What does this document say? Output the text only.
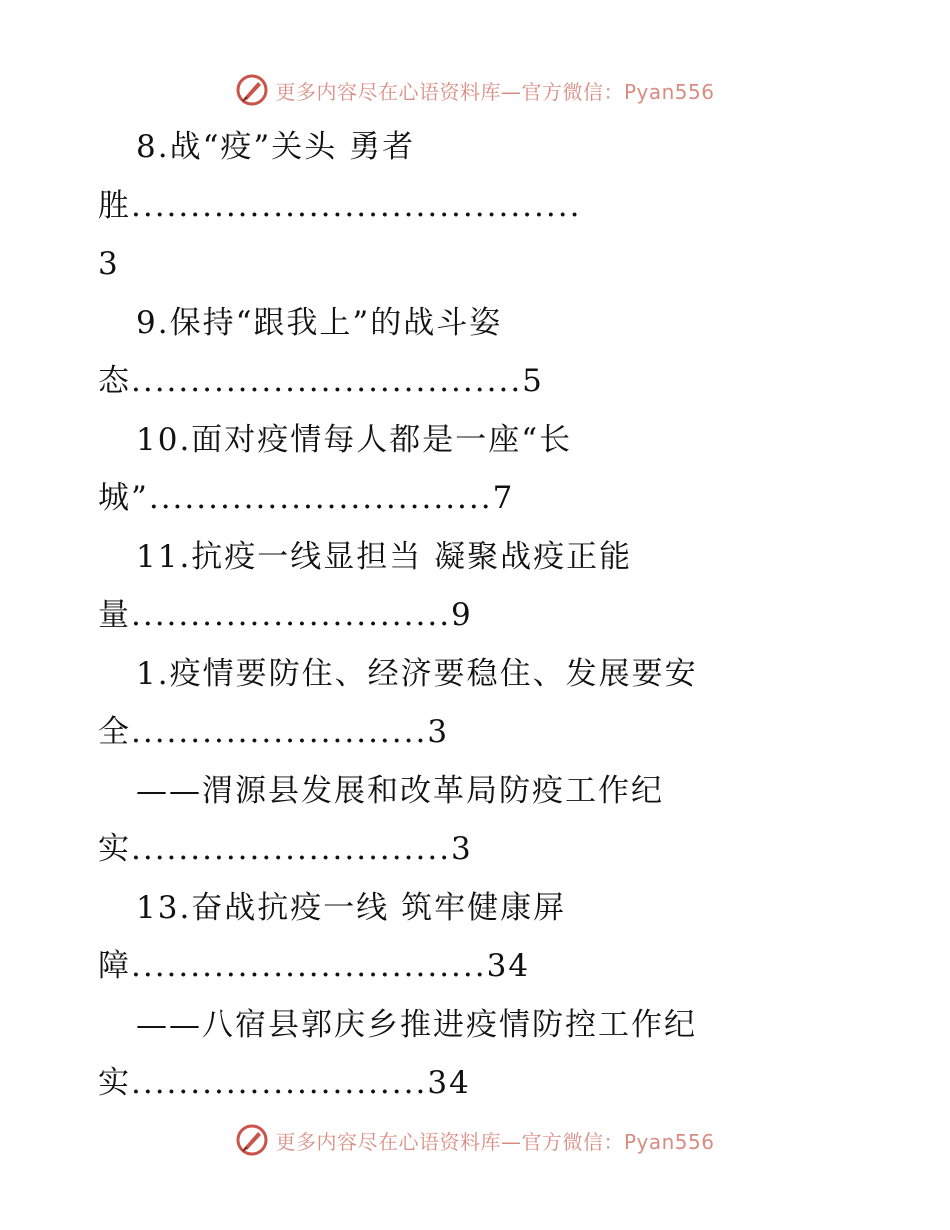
更多内容尽在心语资料库—官方微信：Pyan556
8.战“疫”关头 勇者
胜......................................
3
9.保持“跟我上”的战斗姿
态.................................5
10.面对疫情每人都是一座“长
城”.............................7
11.抗疫一线显担当 凝聚战疫正能
量...........................9
1.疫情要防住、经济要稳住、发展要安
全.........................3
——渭源县发展和改革局防疫工作纪
实...........................3
13.奋战抗疫一线 筑牢健康屏
障..............................34
——八宿县郭庆乡推进疫情防控工作纪
实.........................34
更多内容尽在心语资料库—官方微信：Pyan556
